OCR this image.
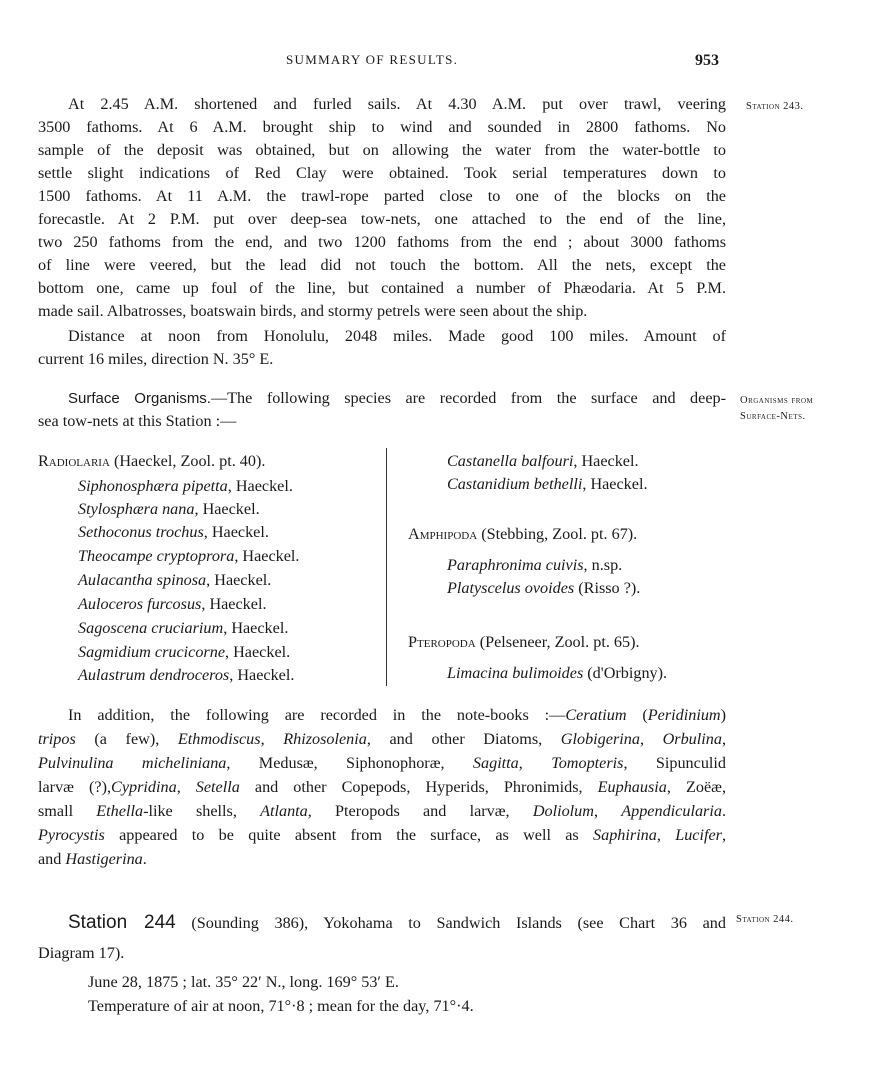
SUMMARY OF RESULTS.	953
Station 243.
Organisms from
Surface-Nets.
Station 244.
At 2.45 A.M. shortened and furled sails. At 4.30 A.M. put over trawl, veering
3500 fathoms. At 6 A.M. brought ship to wind and sounded in 2800 fathoms. No
sample of the deposit was obtained, but on allowing the water from the water-bottle to
settle slight indications of Red Clay were obtained. Took serial temperatures down to
1500 fathoms. At 11 A.M. the trawl-rope parted close to one of the blocks on the
forecastle. At 2 P.M. put over deep-sea tow-nets, one attached to the end of the line,
two 250 fathoms from the end, and two 1200 fathoms from the end ; about 3000 fathoms
of line were veered, but the lead did not touch the bottom. All the nets, except the
bottom one, came up foul of the line, but contained a number of Phæodaria. At 5 P.M.
made sail. Albatrosses, boatswain birds, and stormy petrels were seen about the ship.
Distance at noon from Honolulu, 2048 miles. Made good 100 miles. Amount of
current 16 miles, direction N. 35° E.
Surface Organisms.—The following species are recorded from the surface and deep-
sea tow-nets at this Station :—
Radiolaria (Haeckel, Zool. pt. 40).
Siphonosphæra pipetta, Haeckel.
Stylosphæra nana, Haeckel.
Sethoconus trochus, Haeckel.
Theocampe cryptoprora, Haeckel.
Aulacantha spinosa, Haeckel.
Auloceros furcosus, Haeckel.
Sagoscena cruciarium, Haeckel.
Sagmidium crucicorne, Haeckel.
Aulastrum dendroceros, Haeckel.
Castanella balfouri, Haeckel.
Castanidium bethelli, Haeckel.
Amphipoda (Stebbing, Zool. pt. 67).
Paraphronima cuivis, n.sp.
Platyscelus ovoides (Risso ?).
Pteropoda (Pelseneer, Zool. pt. 65).
Limacina bulimoides (d'Orbigny).
In addition, the following are recorded in the note-books :—Ceratium (Peridinium)
tripos (a few), Ethmodiscus, Rhizosolenia, and other Diatoms, Globigerina, Orbulina,
Pulvinulina micheliniana, Medusæ, Siphonophoræ, Sagitta, Tomopteris, Sipunculid
larvæ (?),Cypridina, Setella and other Copepods, Hyperids, Phronimids, Euphausia, Zoëæ,
small Ethella-like shells, Atlanta, Pteropods and larvæ, Doliolum, Appendicularia.
Pyrocystis appeared to be quite absent from the surface, as well as Saphirina, Lucifer,
and Hastigerina.
Station 244 (Sounding 386), Yokohama to Sandwich Islands (see Chart 36 and
Diagram 17).
June 28, 1875 ; lat. 35° 22′ N., long. 169° 53′ E.
Temperature of air at noon, 71°·8 ; mean for the day, 71°·4.
